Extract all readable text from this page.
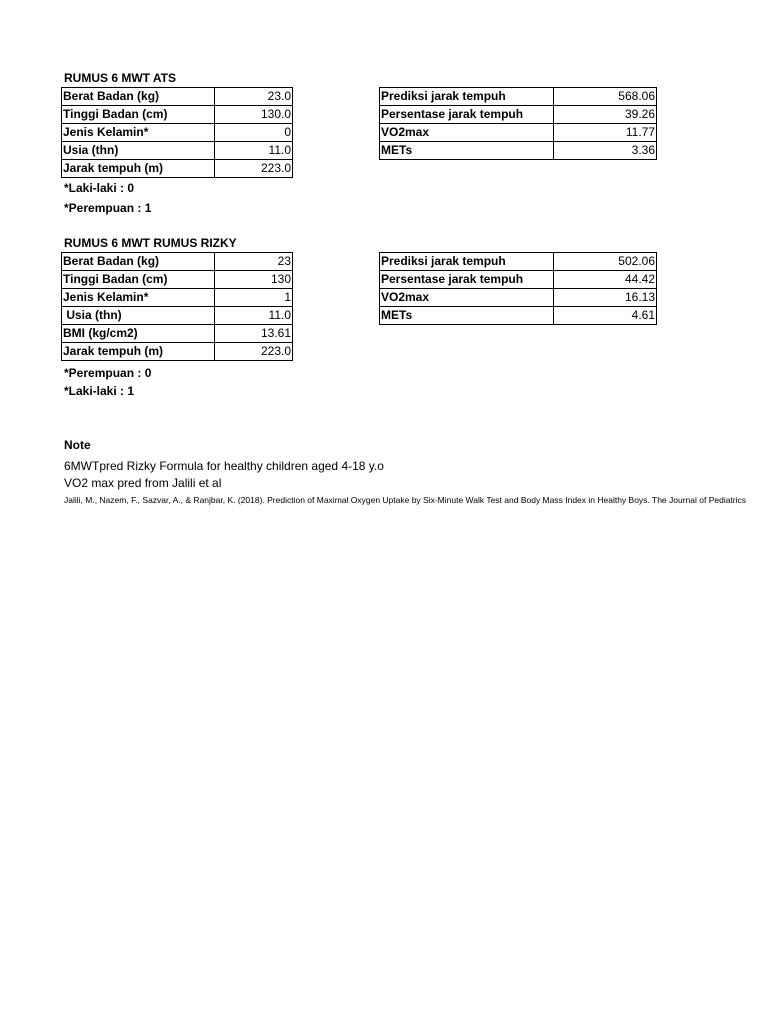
RUMUS 6 MWT ATS
Berat Badan (kg)	23.0
Tinggi Badan (cm)	130.0
Jenis Kelamin*	0
Usia (thn)	11.0
Jarak tempuh (m)	223.0
Prediksi jarak tempuh	568.06
Persentase jarak tempuh	39.26
VO2max	11.77
METs	3.36
*Laki-laki : 0
*Perempuan : 1
RUMUS 6 MWT RUMUS RIZKY
Berat Badan (kg)	23
Tinggi Badan (cm)	130
Jenis Kelamin*	1
Usia (thn)	11.0
BMI (kg/cm2)	13.61
Jarak tempuh (m)	223.0
Prediksi jarak tempuh	502.06
Persentase jarak tempuh	44.42
VO2max	16.13
METs	4.61
*Perempuan : 0
*Laki-laki : 1
Note
6MWTpred Rizky Formula for healthy children aged 4-18 y.o
VO2 max pred from Jalili et al
Jalili, M., Nazem, F., Sazvar, A., & Ranjbar, K. (2018). Prediction of Maximal Oxygen Uptake by Six-Minute Walk Test and Body Mass Index in Healthy Boys. The Journal of Pediatrics
